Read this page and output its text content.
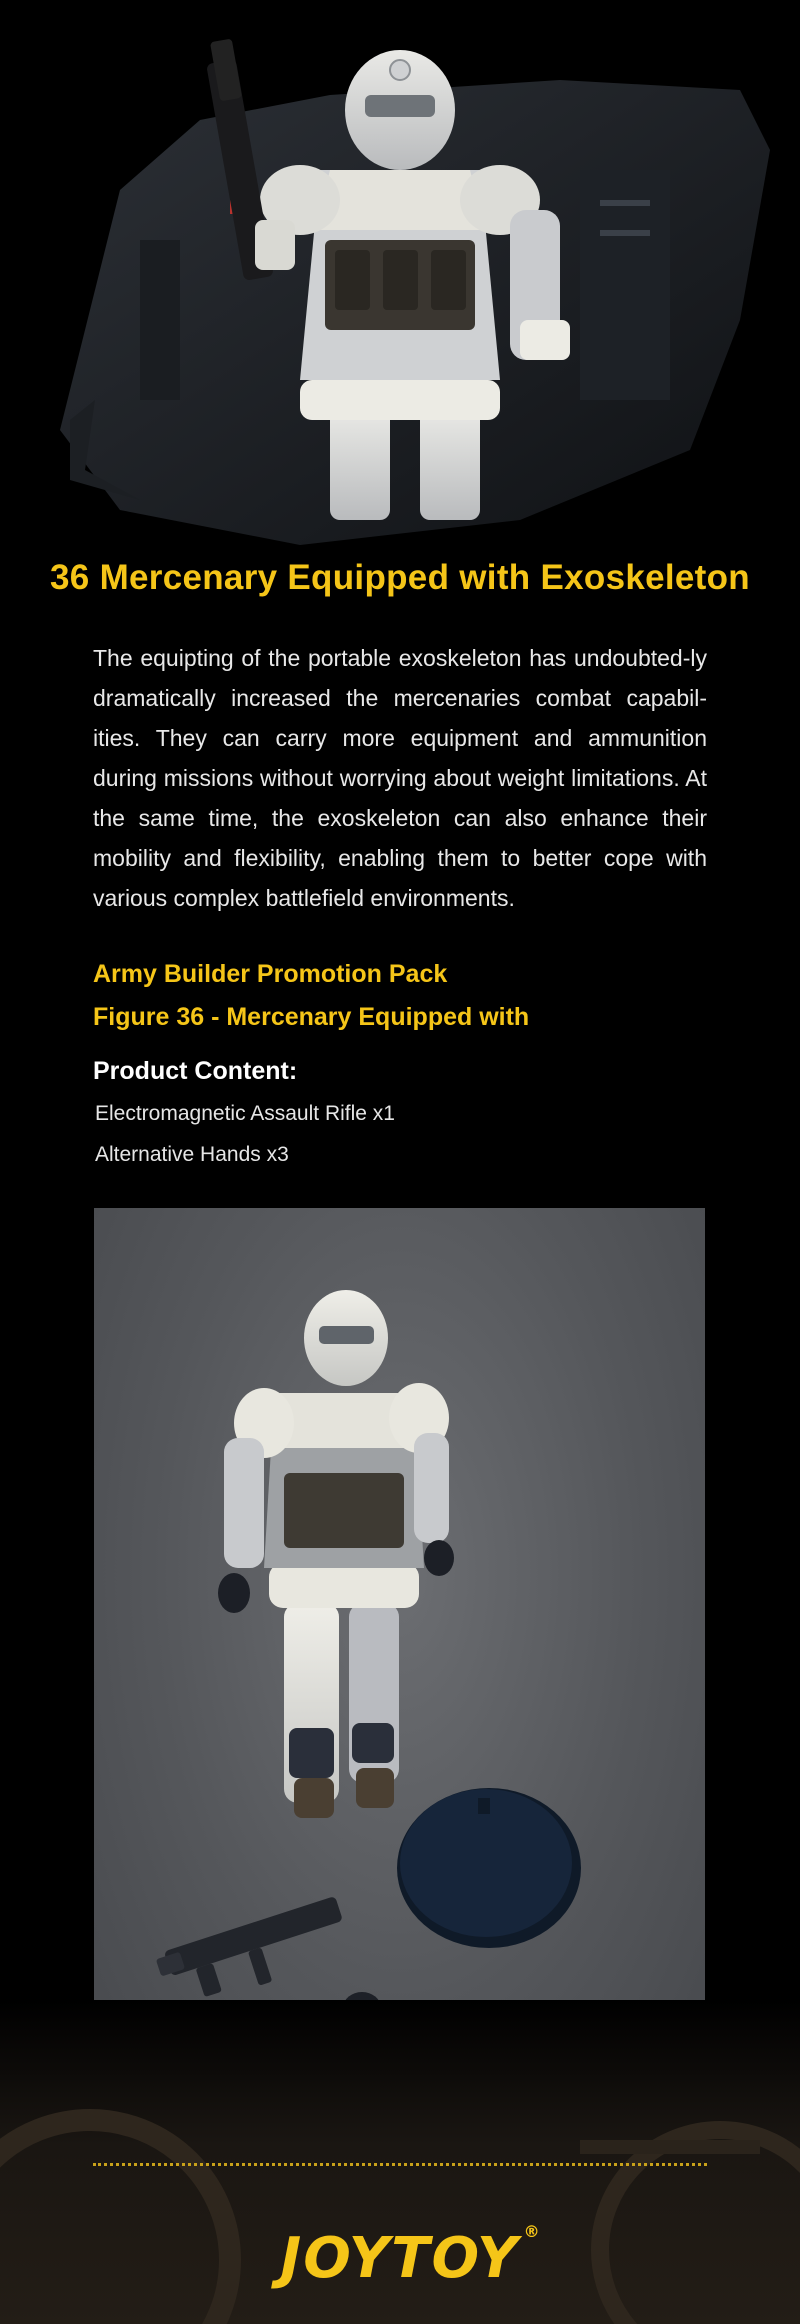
36 Mercenary Equipped with Exoskeleton
The equipting of the portable exoskeleton has undoubted-ly dramatically increased the mercenaries combat capabil-ities. They can carry more equipment and ammunition during missions without worrying about weight limitations. At the same time, the exoskeleton can also enhance their mobility and flexibility, enabling them to better cope with various complex battlefield environments.
Army Builder Promotion Pack
Figure 36 - Mercenary Equipped with
Product Content:
Electromagnetic Assault Rifle x1
Alternative Hands x3
JOYTOY ®
